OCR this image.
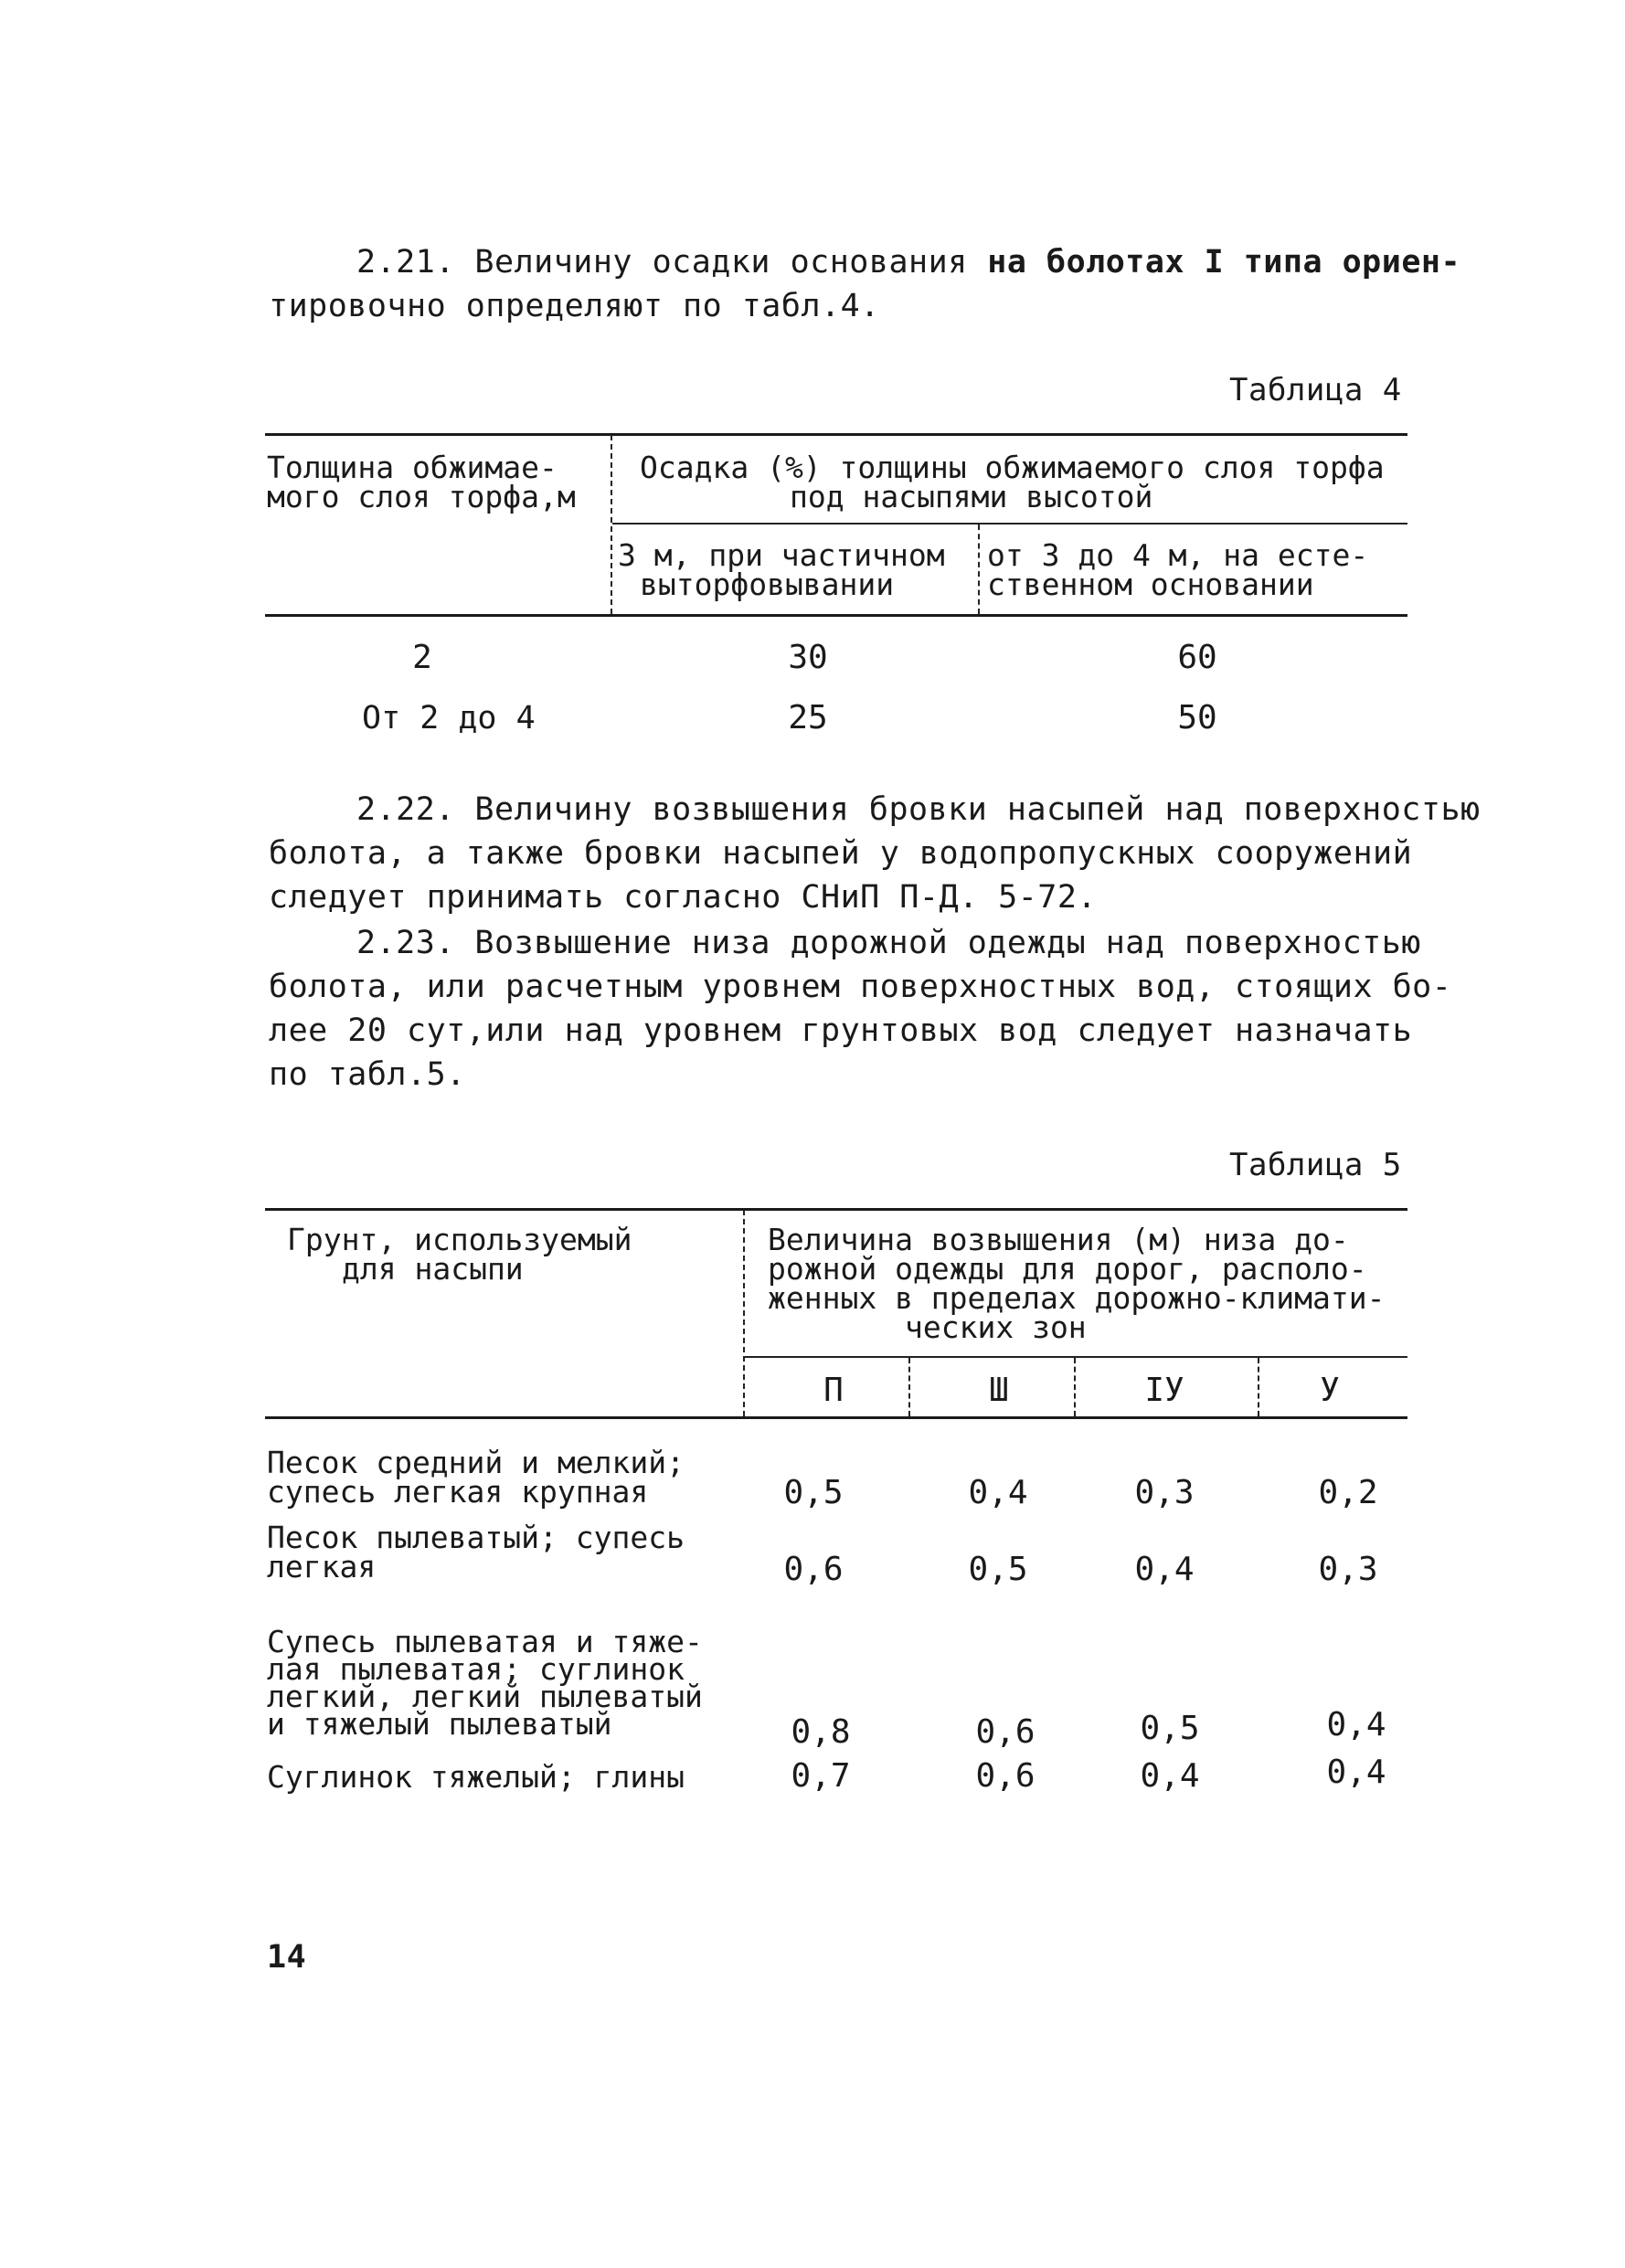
2.21. Величину осадки основания на болотах I типа ориен-
тировочно определяют по табл.4.
Таблица 4
Толщина обжимае-
мого слоя торфа,м
Осадка (%) толщины обжимаемого слоя торфа
под насыпями высотой
3 м, при частичном
выторфовывании
от 3 до 4 м, на есте-
ственном основании
2	30	60
От 2 до 4	25	50
2.22. Величину возвышения бровки насыпей над поверхностью
болота, а также бровки насыпей у водопропускных сооружений
следует принимать согласно СНиП П-Д. 5-72.
2.23. Возвышение низа дорожной одежды над поверхностью
болота, или расчетным уровнем поверхностных вод, стоящих бо-
лее 20 сут,или над уровнем грунтовых вод следует назначать
по табл.5.
Таблица 5
Грунт, используемый
для насыпи
Величина возвышения (м) низа до-
рожной одежды для дорог, располо-
женных в пределах дорожно-климати-
ческих зон
П	Ш	IУ	У
Песок средний и мелкий;
супесь легкая крупная	0,5	0,4	0,3	0,2
Песок пылеватый; супесь
легкая	0,6	0,5	0,4	0,3
Супесь пылеватая и тяже-
лая пылеватая; суглинок
легкий, легкий пылеватый
и тяжелый пылеватый	0,8	0,6	0,5	0,4
Суглинок тяжелый; глины	0,7	0,6	0,4	0,4
14
